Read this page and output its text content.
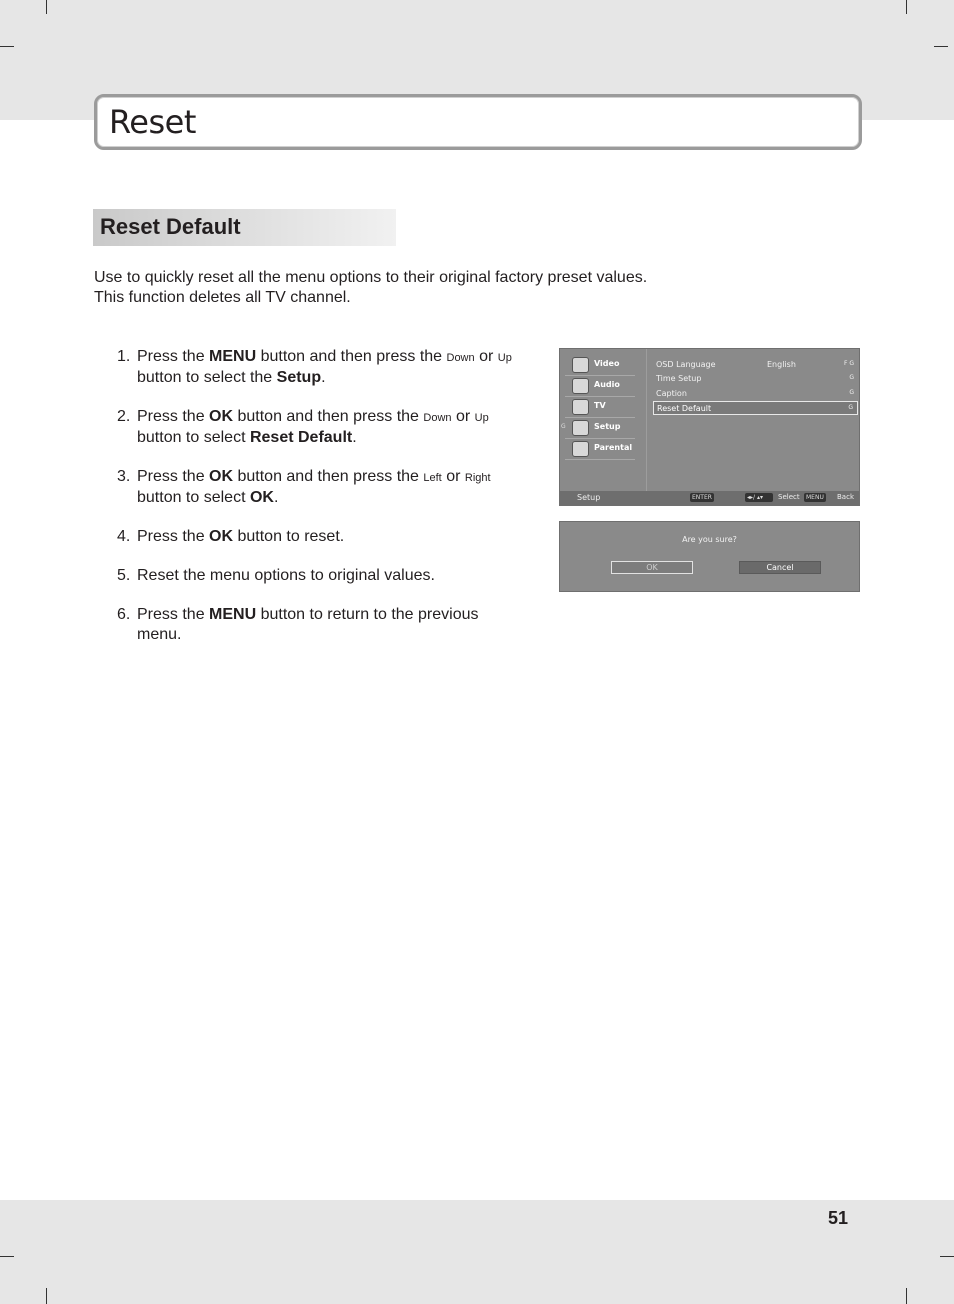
Reset
Reset Default
Use to quickly reset all the menu options to their original factory preset values.
This function deletes all TV channel.
1. Press the MENU button and then press the Down or Up button to select the Setup.
2. Press the OK button and then press the Down or Up button to select Reset Default.
3. Press the OK button and then press the Left or Right button to select OK.
4. Press the OK button to reset.
5. Reset the menu options to original values.
6. Press the MENU button to return to the previous menu.
Video
Audio
TV
G	Setup
Parental
OSD Language	English	F G
Time Setup	G
Caption	G
Reset Default	G
Setup	ENTER	◂▸/ ▴▾	Select	MENU Back
Are you sure?
OK	Cancel
51
